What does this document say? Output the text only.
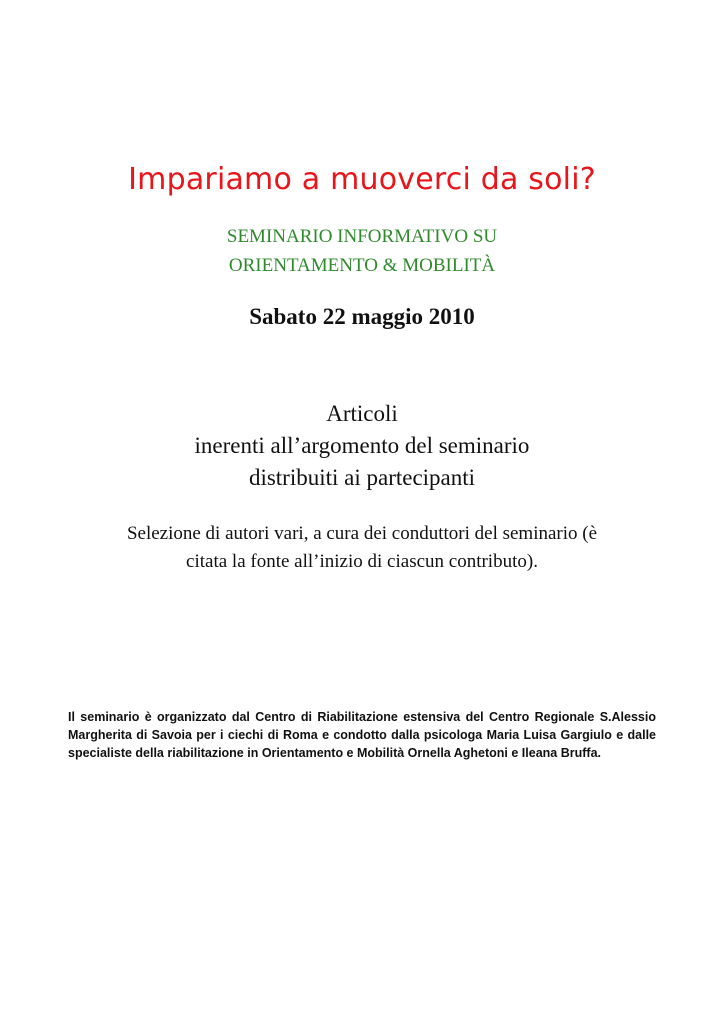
Impariamo a muoverci da soli?

SEMINARIO INFORMATIVO SU

ORIENTAMENTO & MOBILITÀ

Sabato 22 maggio 2010

Articoli

inerenti all’argomento del seminario

distribuiti ai partecipanti

Selezione di autori vari, a cura dei conduttori del seminario (è

citata la fonte all’inizio di ciascun contributo).

Il seminario è organizzato dal Centro di Riabilitazione estensiva del Centro Regionale S.Alessio Margherita di Savoia per i ciechi di Roma e condotto dalla psicologa Maria Luisa Gargiulo e dalle specialiste della riabilitazione in Orientamento e Mobilità Ornella Aghetoni e Ileana Bruffa.
